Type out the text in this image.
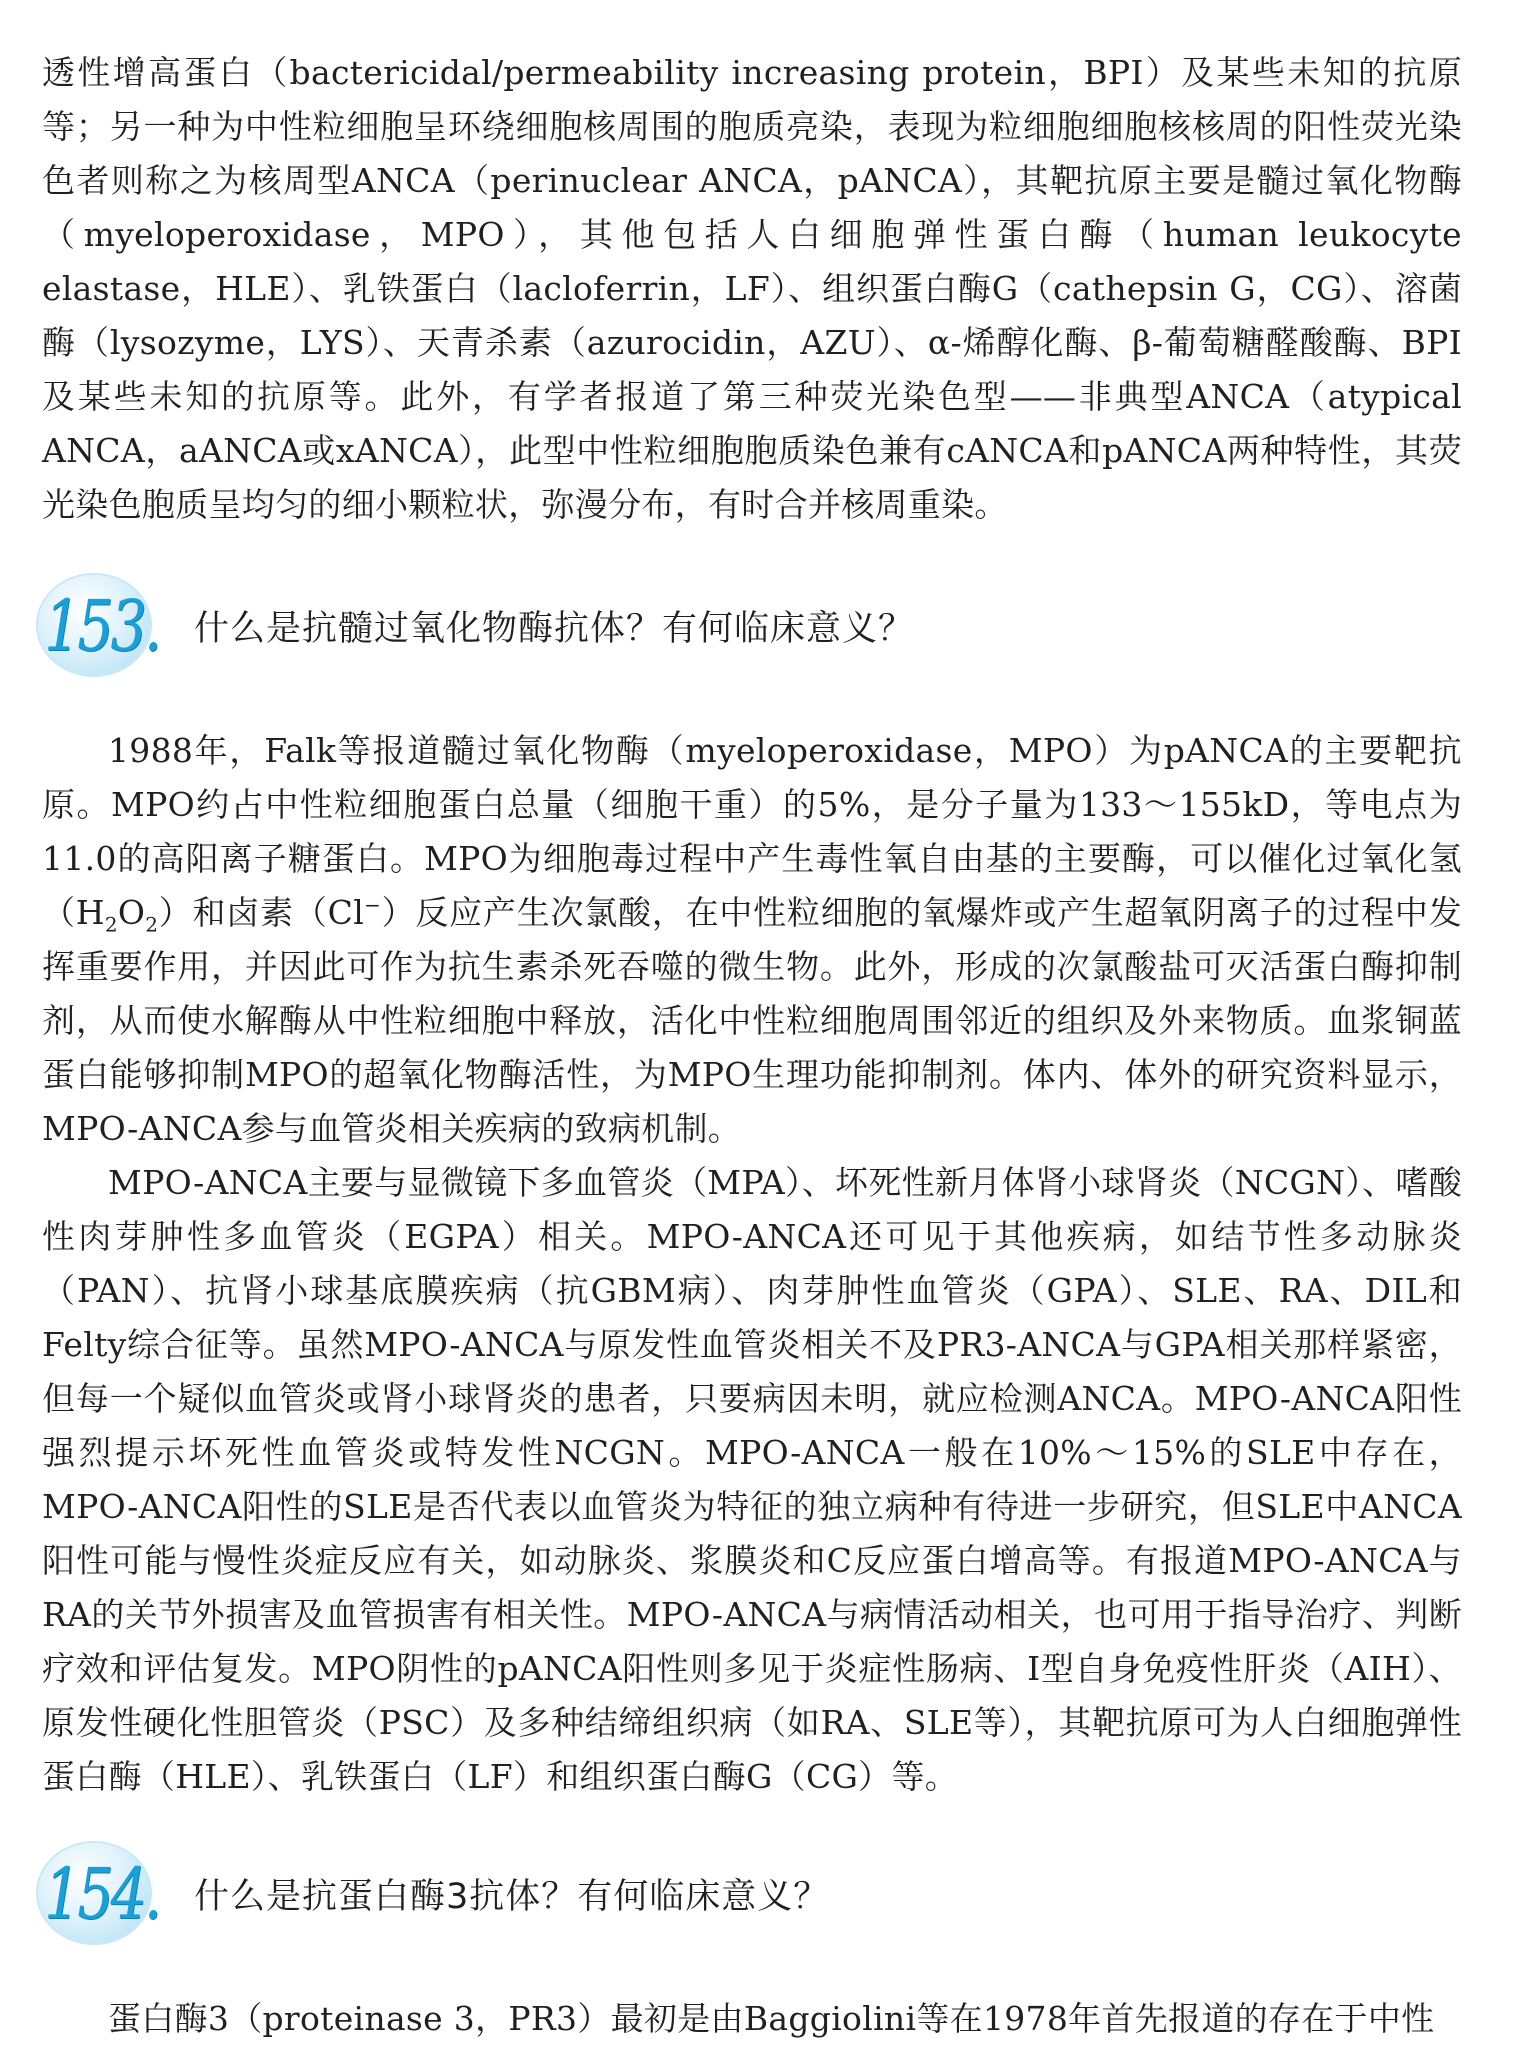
透性增高蛋白（bactericidal/permeability increasing protein，BPI）及某些未知的抗原等；另一种为中性粒细胞呈环绕细胞核周围的胞质亮染，表现为粒细胞细胞核核周的阳性荧光染色者则称之为核周型ANCA（perinuclear ANCA，pANCA），其靶抗原主要是髓过氧化物酶（myeloperoxidase，MPO），其他包括人白细胞弹性蛋白酶（human leukocyte elastase，HLE）、乳铁蛋白（lacloferrin，LF）、组织蛋白酶G（cathepsin G，CG）、溶菌酶（lysozyme，LYS）、天青杀素（azurocidin，AZU）、α-烯醇化酶、β-葡萄糖醛酸酶、BPI及某些未知的抗原等。此外，有学者报道了第三种荧光染色型——非典型ANCA（atypical ANCA，aANCA或xANCA），此型中性粒细胞胞质染色兼有cANCA和pANCA两种特性，其荧光染色胞质呈均匀的细小颗粒状，弥漫分布，有时合并核周重染。

153. 什么是抗髓过氧化物酶抗体？有何临床意义？

1988年，Falk等报道髓过氧化物酶（myeloperoxidase，MPO）为pANCA的主要靶抗原。MPO约占中性粒细胞蛋白总量（细胞干重）的5%，是分子量为133～155kD，等电点为11.0的高阳离子糖蛋白。MPO为细胞毒过程中产生毒性氧自由基的主要酶，可以催化过氧化氢$(H_2O_2)$和卤素（Cl−）反应产生次氯酸，在中性粒细胞的氧爆炸或产生超氧阴离子的过程中发挥重要作用，并因此可作为抗生素杀死吞噬的微生物。此外，形成的次氯酸盐可灭活蛋白酶抑制剂，从而使水解酶从中性粒细胞中释放，活化中性粒细胞周围邻近的组织及外来物质。血浆铜蓝蛋白能够抑制MPO的超氧化物酶活性，为MPO生理功能抑制剂。体内、体外的研究资料显示，MPO-ANCA参与血管炎相关疾病的致病机制。

MPO-ANCA主要与显微镜下多血管炎（MPA）、坏死性新月体肾小球肾炎（NCGN）、嗜酸性肉芽肿性多血管炎（EGPA）相关。MPO-ANCA还可见于其他疾病，如结节性多动脉炎（PAN）、抗肾小球基底膜疾病（抗GBM病）、肉芽肿性血管炎（GPA）、SLE、RA、DIL和Felty综合征等。虽然MPO-ANCA与原发性血管炎相关不及PR3-ANCA与GPA相关那样紧密，但每一个疑似血管炎或肾小球肾炎的患者，只要病因未明，就应检测ANCA。MPO-ANCA阳性强烈提示坏死性血管炎或特发性NCGN。MPO-ANCA一般在10%～15%的SLE中存在，MPO-ANCA阳性的SLE是否代表以血管炎为特征的独立病种有待进一步研究，但SLE中ANCA阳性可能与慢性炎症反应有关，如动脉炎、浆膜炎和C反应蛋白增高等。有报道MPO-ANCA与RA的关节外损害及血管损害有相关性。MPO-ANCA与病情活动相关，也可用于指导治疗、判断疗效和评估复发。MPO阴性的pANCA阳性则多见于炎症性肠病、Ⅰ型自身免疫性肝炎（AIH）、原发性硬化性胆管炎（PSC）及多种结缔组织病（如RA、SLE等），其靶抗原可为人白细胞弹性蛋白酶（HLE）、乳铁蛋白（LF）和组织蛋白酶G（CG）等。

154. 什么是抗蛋白酶3抗体？有何临床意义？

蛋白酶3（proteinase 3，PR3）最初是由Baggiolini等在1978年首先报道的存在于中性
